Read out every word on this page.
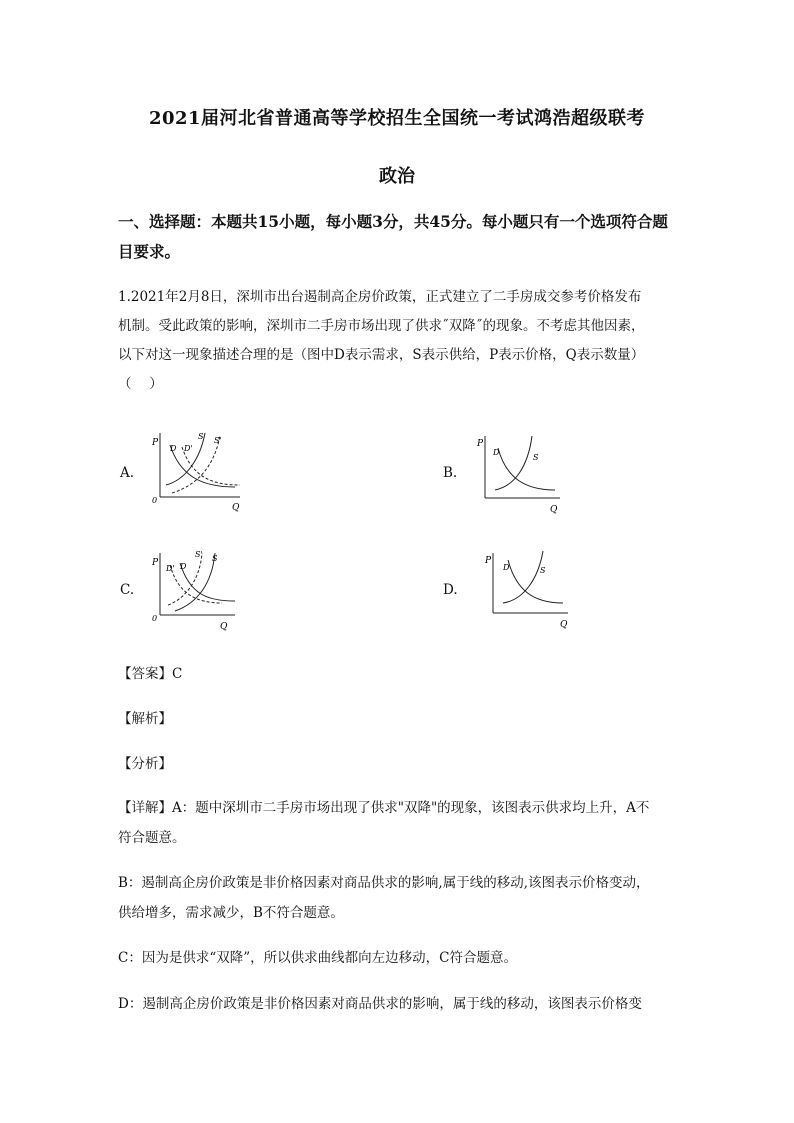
2021届河北省普通高等学校招生全国统一考试鸿浩超级联考
政治
一、选择题：本题共15小题，每小题3分，共45分。每小题只有一个选项符合题目要求。
1.2021年2月8日，深圳市出台遏制高企房价政策，正式建立了二手房成交参考价格发布
机制。受此政策的影响，深圳市二手房市场出现了供求˝双降˝的现象。不考虑其他因素，
以下对这一现象描述合理的是（图中D表示需求，S表示供给，P表示价格，Q表示数量）
（　 ）
A.
P
0
Q
D D'
S S'
B.
P
Q
D
S
C.
P
0
Q
D' D
S' S
D.
P
Q
D	S
【答案】C
【解析】
【分析】
【详解】A：题中深圳市二手房市场出现了供求"双降"的现象，该图表示供求均上升，A不
符合题意。
B：遏制高企房价政策是非价格因素对商品供求的影响,属于线的移动,该图表示价格变动，
供给增多，需求减少，B不符合题意。
C：因为是供求“双降”，所以供求曲线都向左边移动，C符合题意。
D：遏制高企房价政策是非价格因素对商品供求的影响，属于线的移动，该图表示价格变
